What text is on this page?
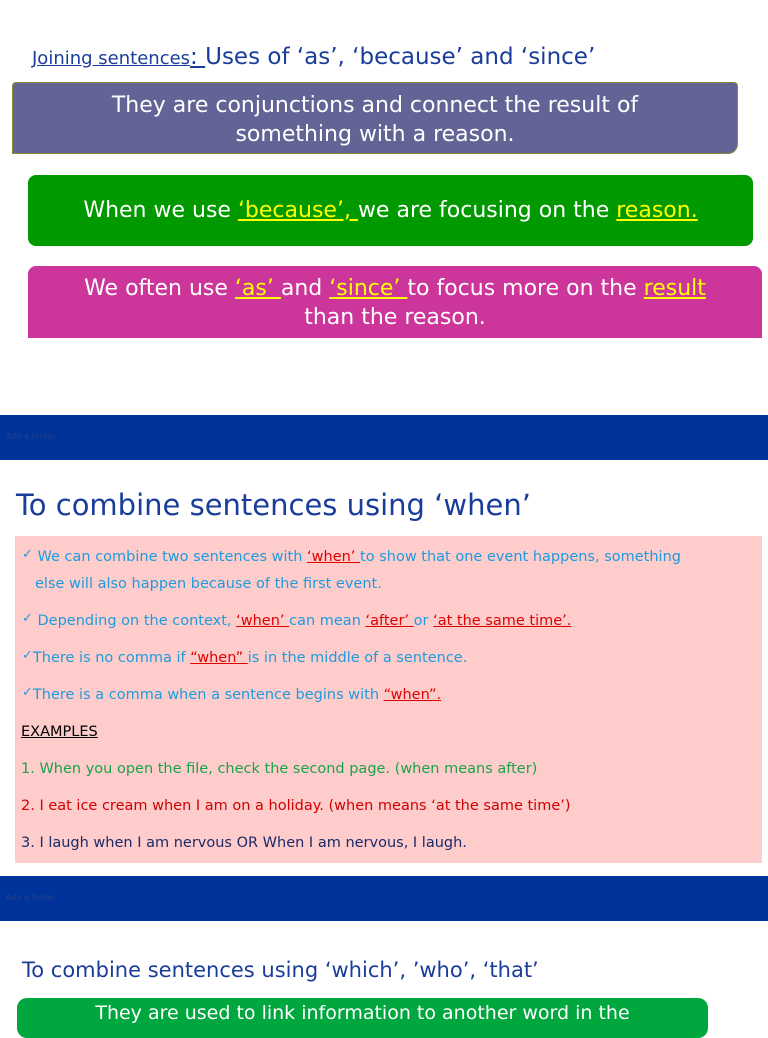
Joining sentences: Uses of ‘as’, ‘because’ and ‘since’
They are conjunctions and connect the result of
something with a reason.
When we use ‘because’, we are focusing on the reason.
We often use ‘as’ and ‘since’ to focus more on the result
than the reason.
Add a footer
To combine sentences using ‘when’
✓ We can combine two sentences with ‘when’ to show that one event happens, something
else will also happen because of the first event.
✓ Depending on the context, ‘when’ can mean ‘after’ or ‘at the same time’.
✓There is no comma if “when” is in the middle of a sentence.
✓There is a comma when a sentence begins with “when”.
EXAMPLES
1. When you open the file, check the second page. (when means after)
2. I eat ice cream when I am on a holiday. (when means ‘at the same time’)
3. I laugh when I am nervous OR When I am nervous, I laugh.
Add a footer
To combine sentences using ‘which’, ’who’, ‘that’
They are used to link information to another word in the
